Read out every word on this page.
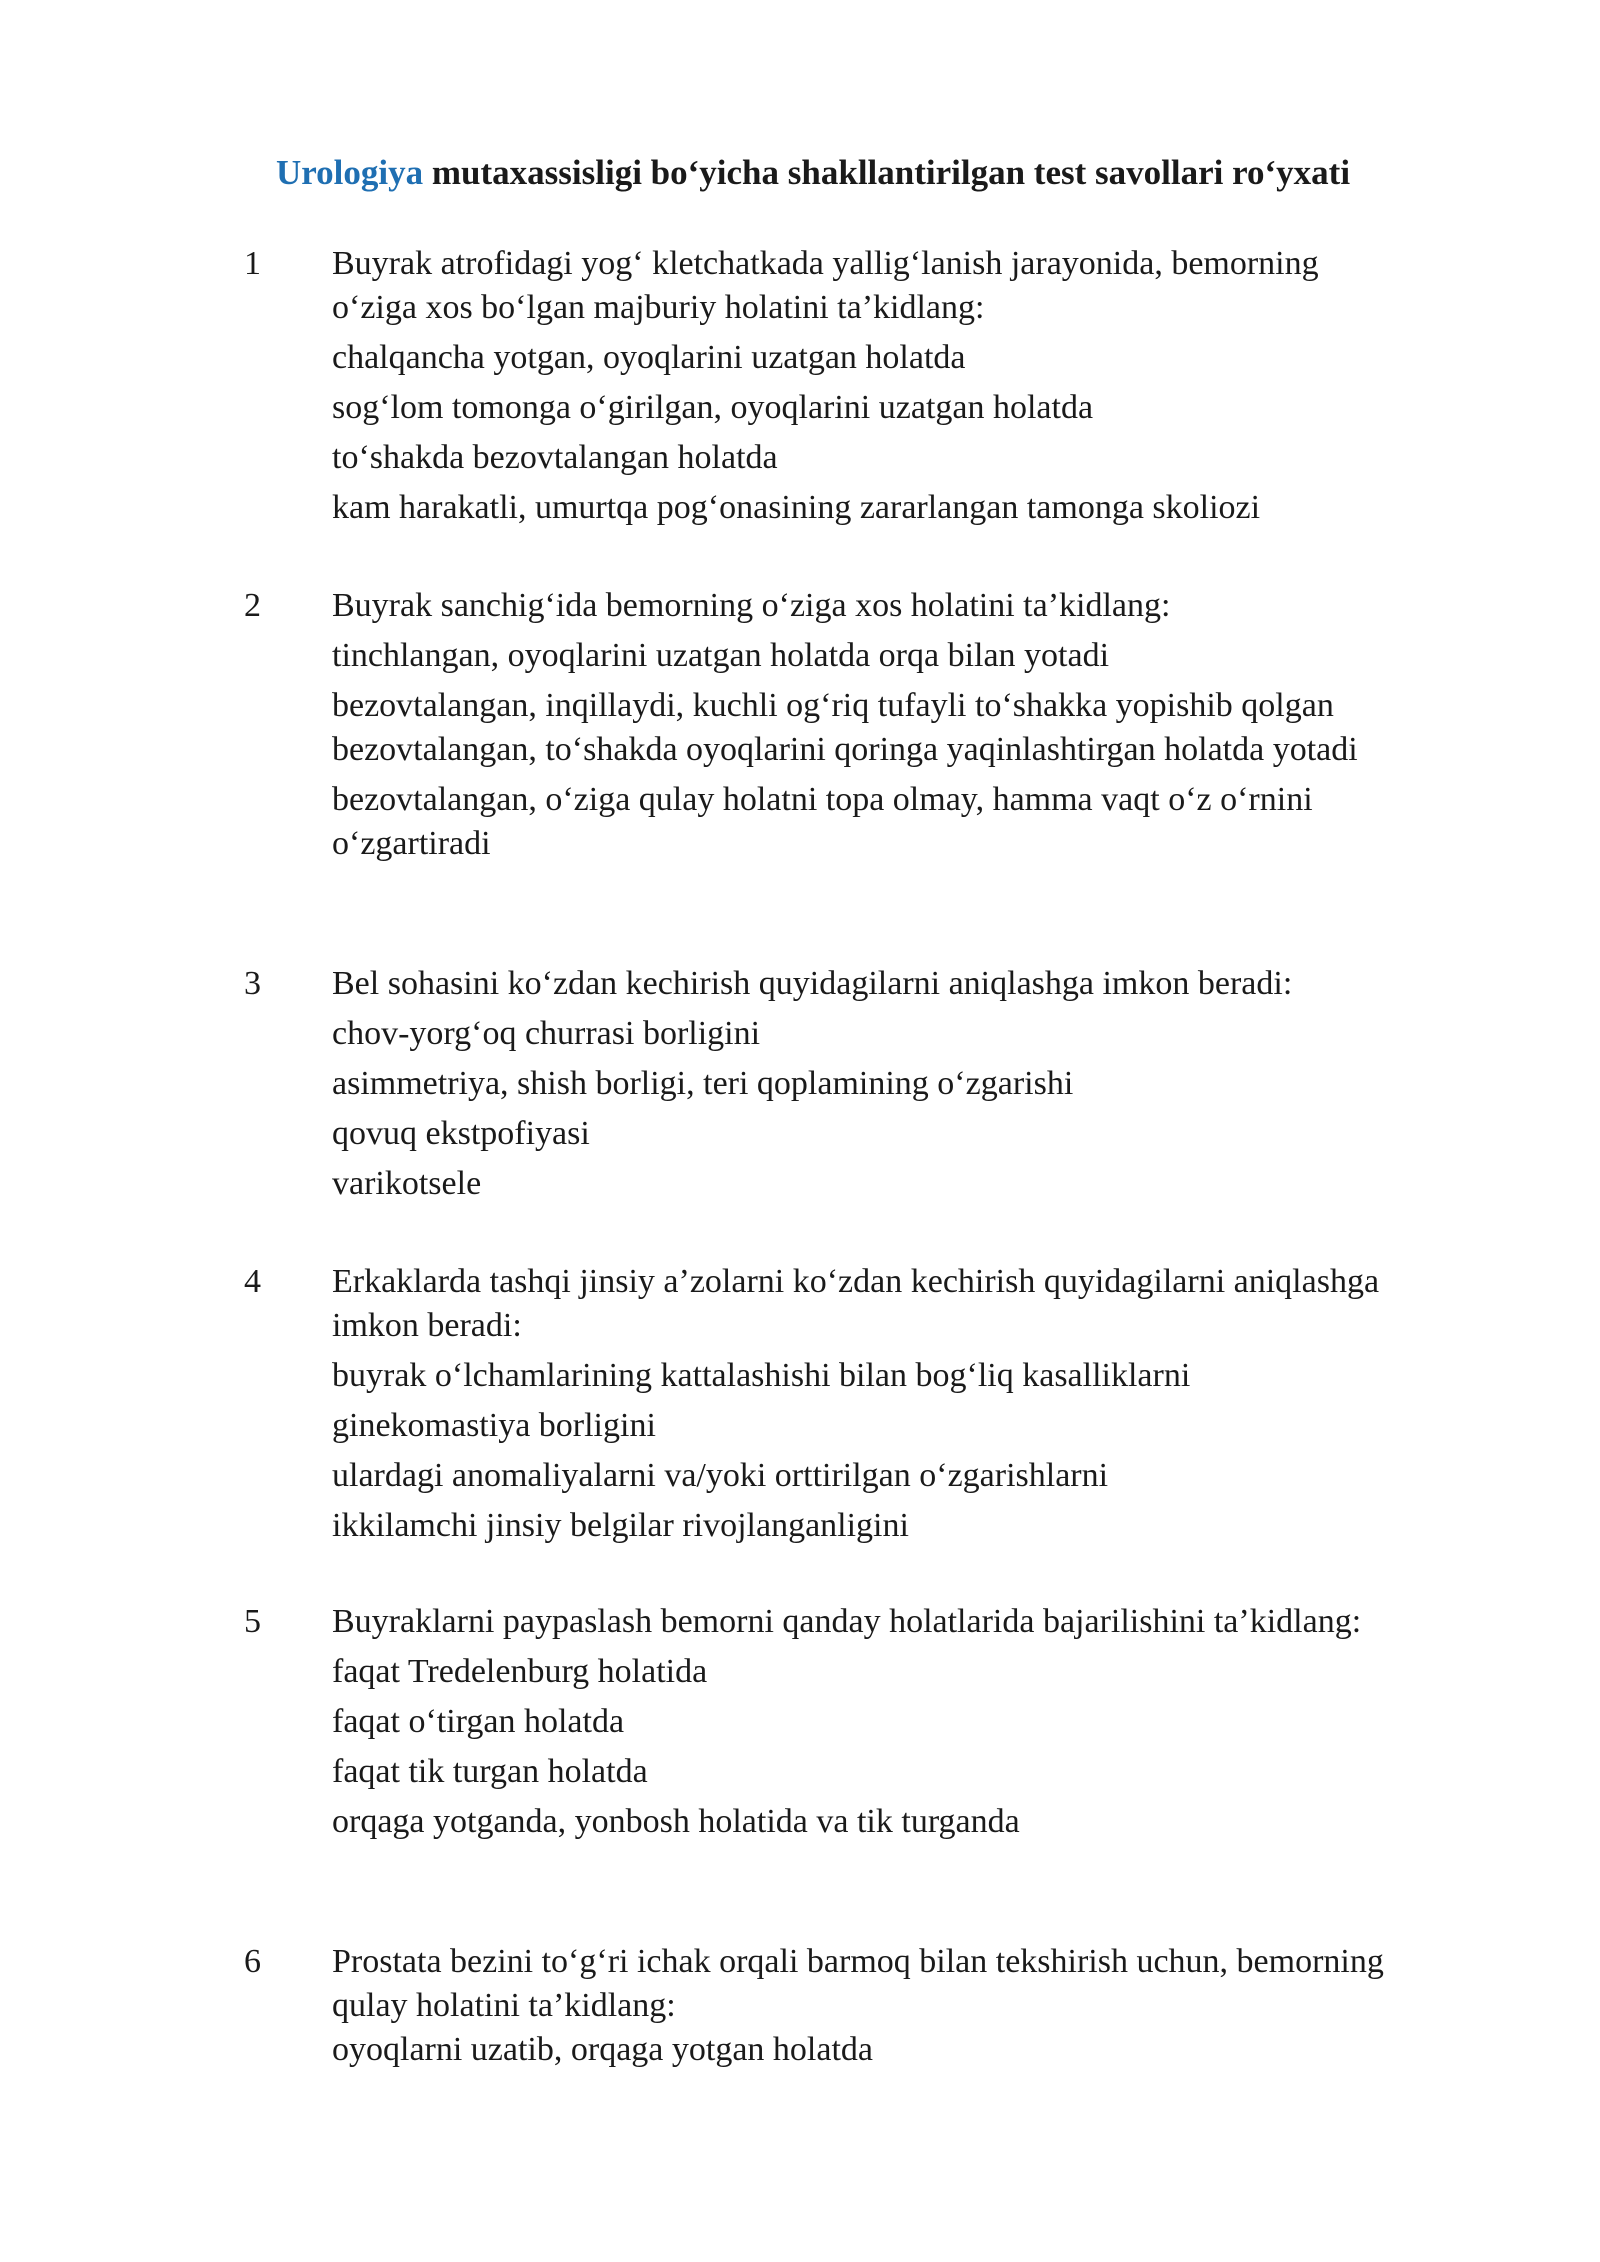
Urologiya mutaxassisligi bo‘yicha shakllantirilgan test savollari ro‘yxati
1 Buyrak atrofidagi yog‘ kletchatkada yallig‘lanish jarayonida, bemorning o‘ziga xos bo‘lgan majburiy holatini ta’kidlang:

chalqancha yotgan, oyoqlarini uzatgan holatda
sog‘lom tomonga o‘girilgan, oyoqlarini uzatgan holatda
to‘shakda bezovtalangan holatda
kam harakatli, umurtqa pog‘onasining zararlangan tamonga skoliozi
2 Buyrak sanchig‘ida bemorning o‘ziga xos holatini ta’kidlang:

tinchlangan, oyoqlarini uzatgan holatda orqa bilan yotadi
bezovtalangan, inqillaydi, kuchli og‘riq tufayli to‘shakka yopishib qolgan
bezovtalangan, to‘shakda oyoqlarini qoringa yaqinlashtirgan holatda yotadi
bezovtalangan, o‘ziga qulay holatni topa olmay, hamma vaqt o‘z o‘rnini o‘zgartiradi
3 Bel sohasini ko‘zdan kechirish quyidagilarni aniqlashga imkon beradi:

chov-yorg‘oq churrasi borligini
asimmetriya, shish borligi, teri qoplamining o‘zgarishi
qovuq ekstpofiyasi
varikotsele
4 Erkaklarda tashqi jinsiy a’zolarni ko‘zdan kechirish quyidagilarni aniqlashga imkon beradi:

buyrak o‘lchamlarining kattalashishi bilan bog‘liq kasalliklarni
ginekomastiya borligini
ulardagi anomaliyalarni va/yoki orttirilgan o‘zgarishlarni
ikkilamchi jinsiy belgilar rivojlanganligini
5 Buyraklarni paypaslash bemorni qanday holatlarida bajarilishini ta’kidlang:

faqat Tredelenburg holatida
faqat o‘tirgan holatda
faqat tik turgan holatda
orqaga yotganda, yonbosh holatida va tik turganda
6 Prostata bezini to‘g‘ri ichak orqali barmoq bilan tekshirish uchun, bemorning qulay holatini ta’kidlang:

oyoqlarni uzatib, orqaga yotgan holatda
